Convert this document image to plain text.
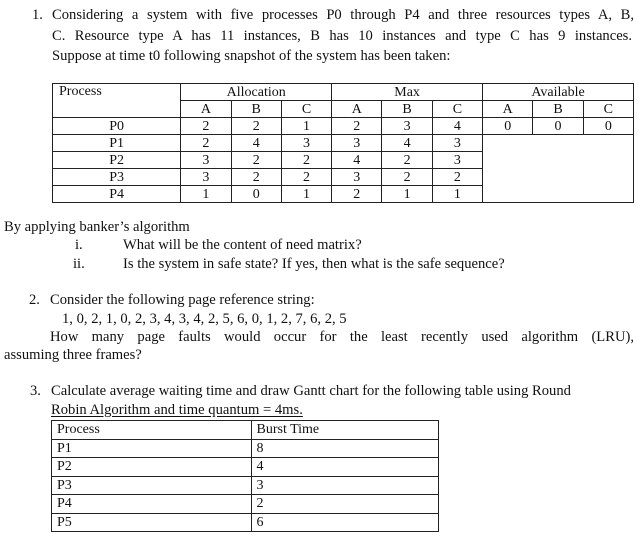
1. Considering a system with five processes P0 through P4 and three resources types A, B,
C. Resource type A has 11 instances, B has 10 instances and type C has 9 instances.
Suppose at time t0 following snapshot of the system has been taken:
Process	Allocation			Max			Available		
	A	B	C	A	B	C	A	B	C
P0	2	2	1	2	3	4	0	0	0
P1	2	4	3	3	4	3			
P2	3	2	2	4	2	3			
P3	3	2	2	3	2	2			
P4	1	0	1	2	1	1			
By applying banker’s algorithm
i.	What will be the content of need matrix?
ii.	Is the system in safe state? If yes, then what is the safe sequence?
2. Consider the following page reference string:
1, 0, 2, 1, 0, 2, 3, 4, 3, 4, 2, 5, 6, 0, 1, 2, 7, 6, 2, 5
How many page faults would occur for the least recently used algorithm (LRU),
assuming three frames?
3. Calculate average waiting time and draw Gantt chart for the following table using Round
Robin Algorithm and time quantum = 4ms.
Process	Burst Time
P1	8
P2	4
P3	3
P4	2
P5	6
